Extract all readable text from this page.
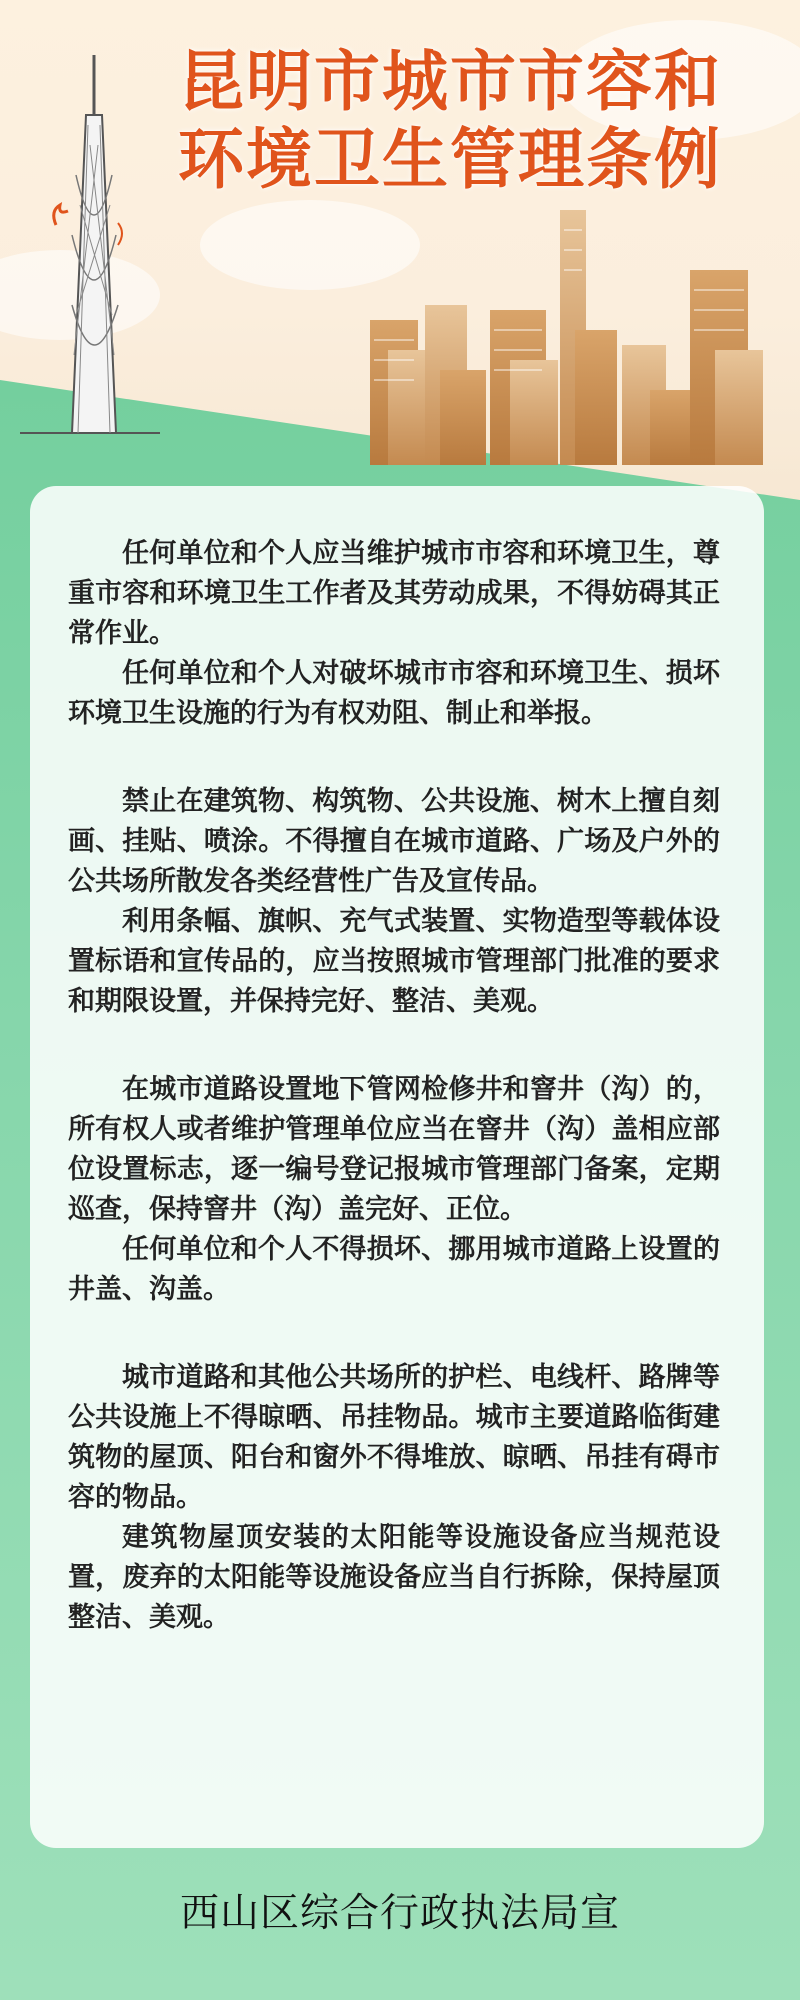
昆明市城市市容和
环境卫生管理条例

任何单位和个人应当维护城市市容和环境卫生，尊重市容和环境卫生工作者及其劳动成果，不得妨碍其正常作业。

任何单位和个人对破坏城市市容和环境卫生、损坏环境卫生设施的行为有权劝阻、制止和举报。

禁止在建筑物、构筑物、公共设施、树木上擅自刻画、挂贴、喷涂。不得擅自在城市道路、广场及户外的公共场所散发各类经营性广告及宣传品。

利用条幅、旗帜、充气式装置、实物造型等载体设置标语和宣传品的，应当按照城市管理部门批准的要求和期限设置，并保持完好、整洁、美观。

在城市道路设置地下管网检修井和窨井（沟）的，所有权人或者维护管理单位应当在窨井（沟）盖相应部位设置标志，逐一编号登记报城市管理部门备案，定期巡查，保持窨井（沟）盖完好、正位。

任何单位和个人不得损坏、挪用城市道路上设置的井盖、沟盖。

城市道路和其他公共场所的护栏、电线杆、路牌等公共设施上不得晾晒、吊挂物品。城市主要道路临街建筑物的屋顶、阳台和窗外不得堆放、晾晒、吊挂有碍市容的物品。

建筑物屋顶安装的太阳能等设施设备应当规范设置，废弃的太阳能等设施设备应当自行拆除，保持屋顶整洁、美观。

西山区综合行政执法局宣
